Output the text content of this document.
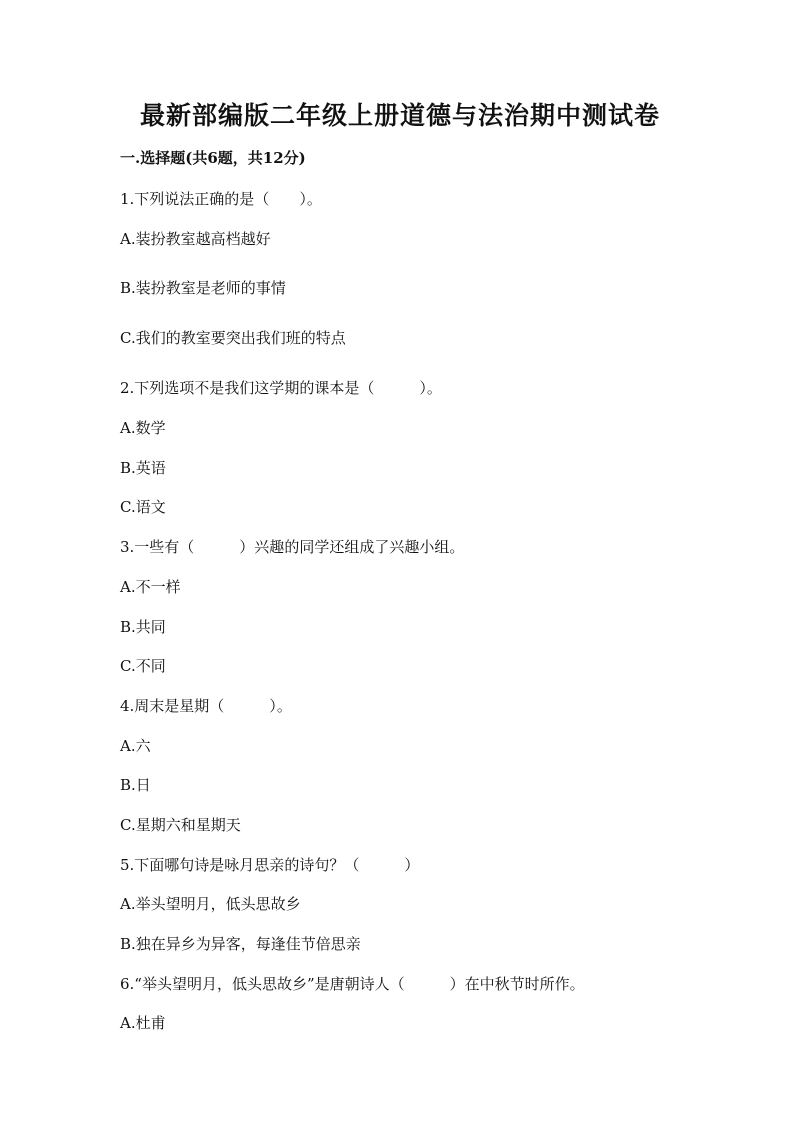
最新部编版二年级上册道德与法治期中测试卷
一.选择题(共6题，共12分)
1.下列说法正确的是（　　）。
A.装扮教室越高档越好
B.装扮教室是老师的事情
C.我们的教室要突出我们班的特点
2.下列选项不是我们这学期的课本是（　　　）。
A.数学
B.英语
C.语文
3.一些有（　　　）兴趣的同学还组成了兴趣小组。
A.不一样
B.共同
C.不同
4.周末是星期（　　　）。
A.六
B.日
C.星期六和星期天
5.下面哪句诗是咏月思亲的诗句？（　　　）
A.举头望明月，低头思故乡
B.独在异乡为异客，每逢佳节倍思亲
6.“举头望明月，低头思故乡”是唐朝诗人（　　　）在中秋节时所作。
A.杜甫
